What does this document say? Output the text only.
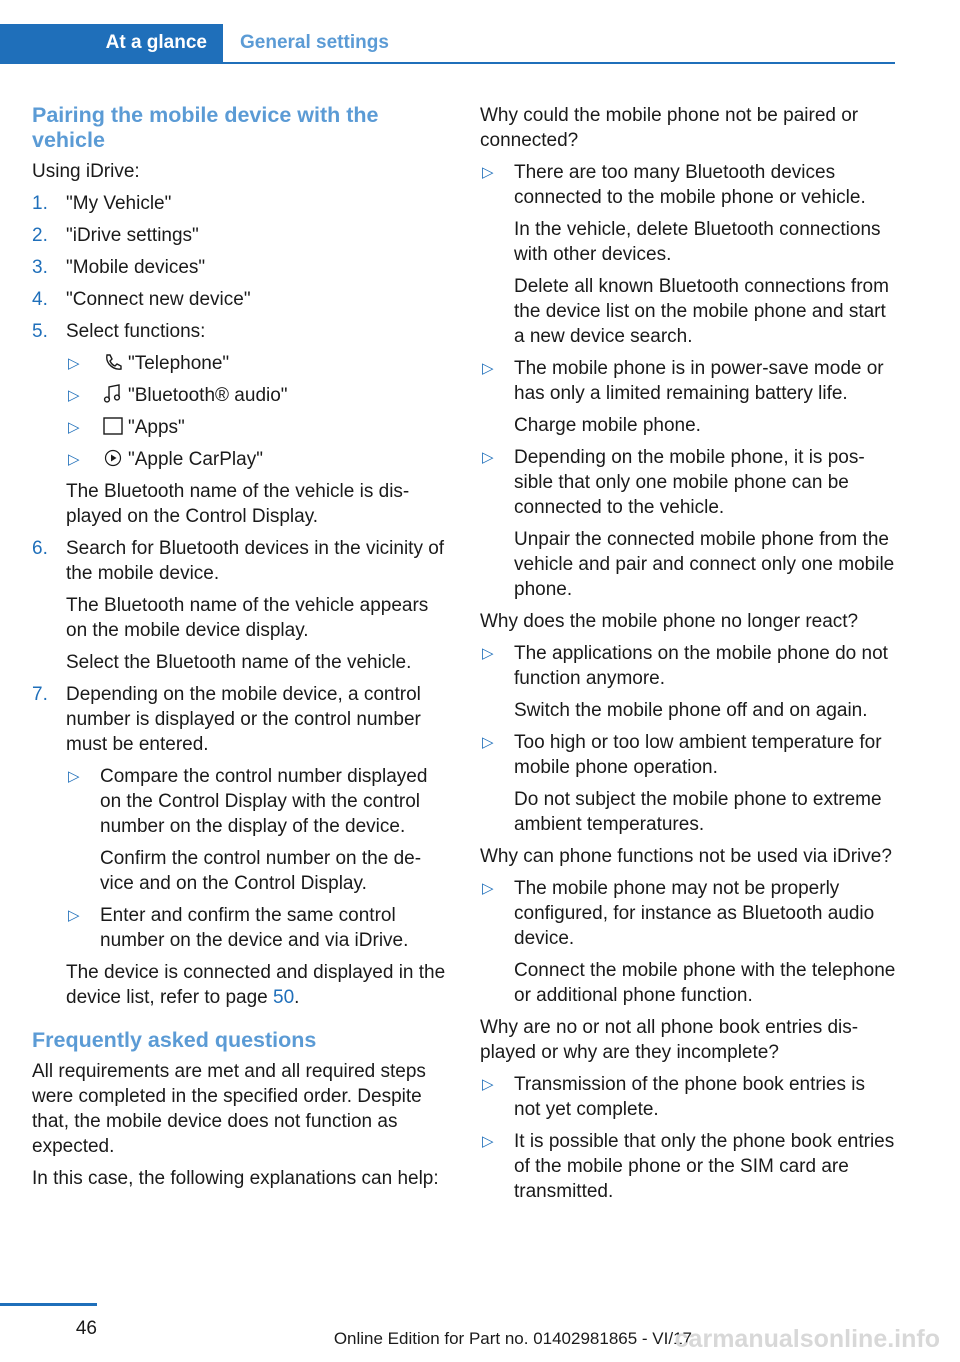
At a glance	General settings
Pairing the mobile device with the vehicle
Using iDrive:
1. "My Vehicle"
2. "iDrive settings"
3. "Mobile devices"
4. "Connect new device"
5. Select functions:
▷	"Telephone"
▷	"Bluetooth® audio"
▷	"Apps"
▷	"Apple CarPlay"
The Bluetooth name of the vehicle is displayed on the Control Display.
6. Search for Bluetooth devices in the vicinity of the mobile device.
The Bluetooth name of the vehicle appears on the mobile device display.
Select the Bluetooth name of the vehicle.
7. Depending on the mobile device, a control number is displayed or the control number must be entered.
▷ Compare the control number displayed on the Control Display with the control number on the display of the device.
Confirm the control number on the device and on the Control Display.
▷ Enter and confirm the same control number on the device and via iDrive.
The device is connected and displayed in the device list, refer to page 50.
Frequently asked questions
All requirements are met and all required steps were completed in the specified order. Despite that, the mobile device does not function as expected.
In this case, the following explanations can help:
Why could the mobile phone not be paired or connected?
▷ There are too many Bluetooth devices connected to the mobile phone or vehicle.
In the vehicle, delete Bluetooth connections with other devices.
Delete all known Bluetooth connections from the device list on the mobile phone and start a new device search.
▷ The mobile phone is in power-save mode or has only a limited remaining battery life.
Charge mobile phone.
▷ Depending on the mobile phone, it is possible that only one mobile phone can be connected to the vehicle.
Unpair the connected mobile phone from the vehicle and pair and connect only one mobile phone.
Why does the mobile phone no longer react?
▷ The applications on the mobile phone do not function anymore.
Switch the mobile phone off and on again.
▷ Too high or too low ambient temperature for mobile phone operation.
Do not subject the mobile phone to extreme ambient temperatures.
Why can phone functions not be used via iDrive?
▷ The mobile phone may not be properly configured, for instance as Bluetooth audio device.
Connect the mobile phone with the telephone or additional phone function.
Why are no or not all phone book entries displayed or why are they incomplete?
▷ Transmission of the phone book entries is not yet complete.
▷ It is possible that only the phone book entries of the mobile phone or the SIM card are transmitted.
46	Online Edition for Part no. 01402981865 - VI/17
carmanualsonline.info
